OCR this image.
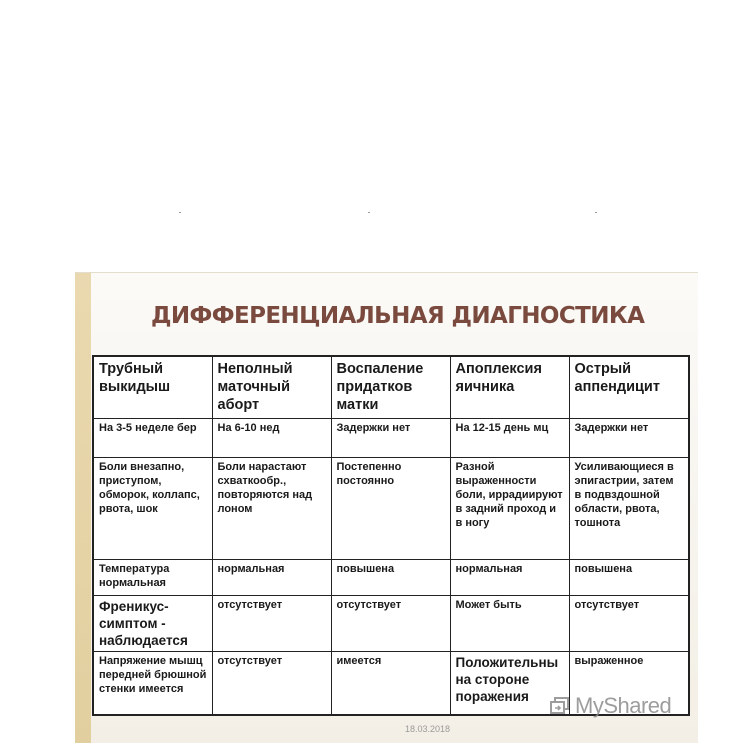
ДИФФЕРЕНЦИАЛЬНАЯ ДИАГНОСТИКА
Трубный выкидыш	Неполный маточный аборт	Воспаление придатков матки	Апоплексия яичника	Острый аппендицит
На 3-5 неделе бер	На 6-10 нед	Задержки нет	На 12-15 день мц	Задержки нет
Боли внезапно, приступом, обморок, коллапс, рвота, шок	Боли нарастают схваткообр., повторяются над лоном	Постепенно постоянно	Разной выраженности боли, иррадиируют в задний проход и в ногу	Усиливающиеся в эпигастрии, затем в подвздошной области, рвота, тошнота
Температура нормальная	нормальная	повышена	нормальная	повышена
Френикус-симптом - наблюдается	отсутствует	отсутствует	Может быть	отсутствует
Напряжение мышц передней брюшной стенки имеется	отсутствует	имеется	Положительны на стороне поражения	выраженное
MyShared
18.03.2018
